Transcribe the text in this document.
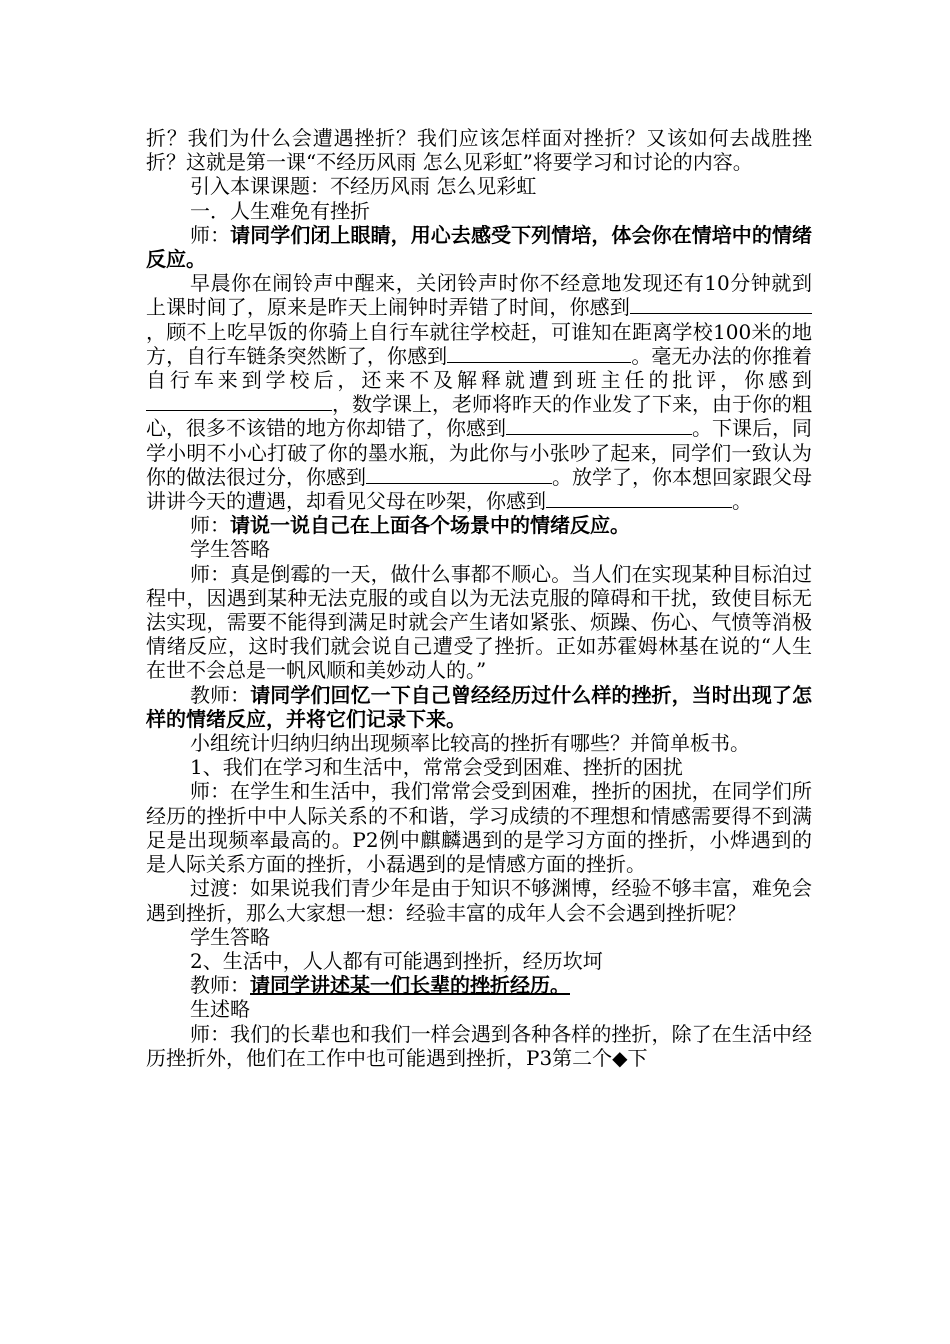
折？我们为什么会遭遇挫折？我们应该怎样面对挫折？又该如何去战胜挫折？这就是第一课“不经历风雨 怎么见彩虹”将要学习和讨论的内容。

引入本课课题：不经历风雨 怎么见彩虹

一．人生难免有挫折

师：请同学们闭上眼睛，用心去感受下列情培，体会你在情培中的情绪反应。

早晨你在闹铃声中醒来，关闭铃声时你不经意地发现还有10分钟就到上课时间了，原来是昨天上闹钟时弄错了时间，你感到，顾不上吃早饭的你骑上自行车就往学校赶，可谁知在距离学校100米的地方，自行车链条突然断了，你感到	。毫无办法的你推着自行车来到学校后，还来不及解释就遭到班主任的批评，你感到，数学课上，老师将昨天的作业发了下来，由于你的粗心，很多不该错的地方你却错了，你感到	。下课后，同学小明不小心打破了你的墨水瓶，为此你与小张吵了起来，同学们一致认为你的做法很过分，你感到	。放学了，你本想回家跟父母讲讲今天的遭遇，却看见父母在吵架，你感到	。

师：请说一说自己在上面各个场景中的情绪反应。

学生答略

师：真是倒霉的一天，做什么事都不顺心。当人们在实现某种目标泊过程中，因遇到某种无法克服的或自以为无法克服的障碍和干扰，致使目标无法实现，需要不能得到满足时就会产生诸如紧张、烦躁、伤心、气愤等消极情绪反应，这时我们就会说自己遭受了挫折。正如苏霍姆林基在说的“人生在世不会总是一帆风顺和美妙动人的。”

教师：请同学们回忆一下自己曾经经历过什么样的挫折，当时出现了怎样的情绪反应，并将它们记录下来。

小组统计归纳归纳出现频率比较高的挫折有哪些？并简单板书。

1、我们在学习和生活中，常常会受到困难、挫折的困扰

师：在学生和生活中，我们常常会受到困难，挫折的困扰，在同学们所经历的挫折中中人际关系的不和谐，学习成绩的不理想和情感需要得不到满足是出现频率最高的。P2例中麒麟遇到的是学习方面的挫折，小烨遇到的是人际关系方面的挫折，小磊遇到的是情感方面的挫折。

过渡：如果说我们青少年是由于知识不够渊博，经验不够丰富，难免会遇到挫折，那么大家想一想：经验丰富的成年人会不会遇到挫折呢？

学生答略

2、生活中，人人都有可能遇到挫折，经历坎坷

教师：请同学讲述某一们长辈的挫折经历。

生述略

师：我们的长辈也和我们一样会遇到各种各样的挫折，除了在生活中经历挫折外，他们在工作中也可能遇到挫折，P3第二个◆下
